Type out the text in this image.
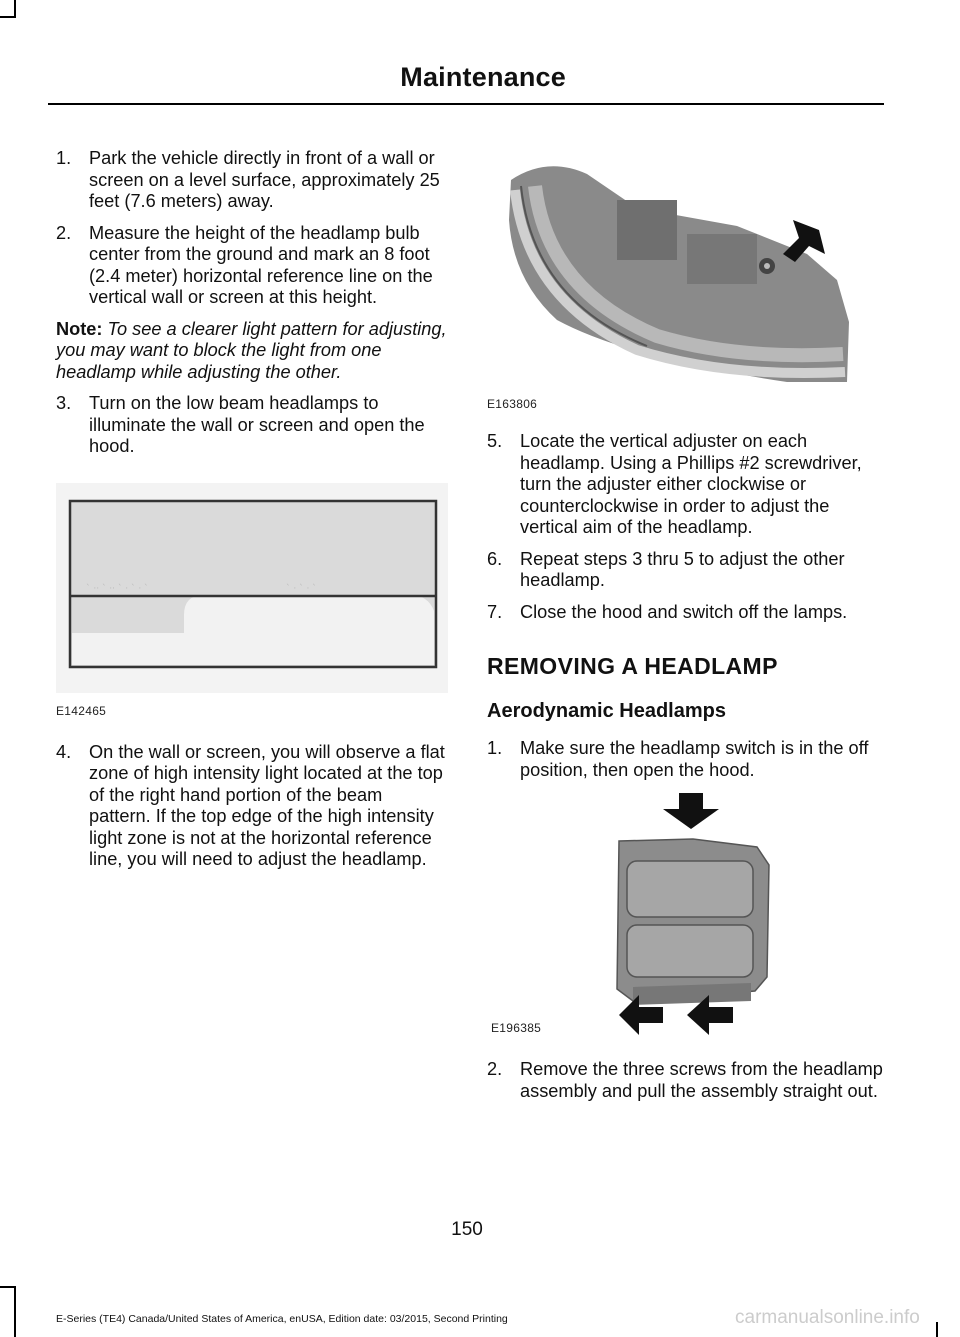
Maintenance
1. Park the vehicle directly in front of a wall or screen on a level surface, approximately 25 feet (7.6 meters) away.
2. Measure the height of the headlamp bulb center from the ground and mark an 8 foot (2.4 meter) horizontal reference line on the vertical wall or screen at this height.
Note: To see a clearer light pattern for adjusting, you may want to block the light from one headlamp while adjusting the other.
3. Turn on the low beam headlamps to illuminate the wall or screen and open the hood.
` ·· ` ·· ` · ` · `	` · ` · `
E142465
4. On the wall or screen, you will observe a flat zone of high intensity light located at the top of the right hand portion of the beam pattern. If the top edge of the high intensity light zone is not at the horizontal reference line, you will need to adjust the headlamp.
E163806
5. Locate the vertical adjuster on each headlamp. Using a Phillips #2 screwdriver, turn the adjuster either clockwise or counterclockwise in order to adjust the vertical aim of the headlamp.
6. Repeat steps 3 thru 5 to adjust the other headlamp.
7. Close the hood and switch off the lamps.
REMOVING A HEADLAMP
Aerodynamic Headlamps
1. Make sure the headlamp switch is in the off position, then open the hood.
E196385
2. Remove the three screws from the headlamp assembly and pull the assembly straight out.
150
E-Series (TE4) Canada/United States of America, enUSA, Edition date: 03/2015, Second Printing	carmanualsonline.info
